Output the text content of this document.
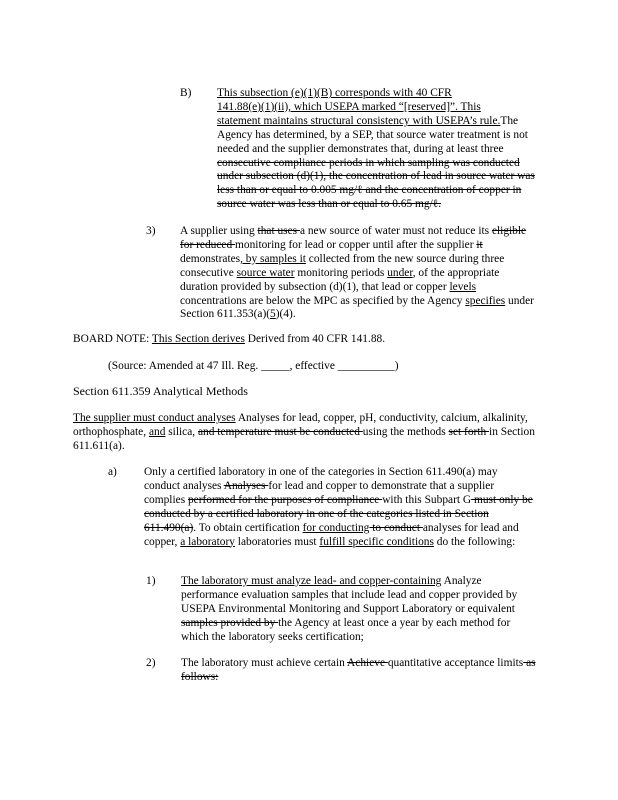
B) This subsection (e)(1)(B) corresponds with 40 CFR
141.88(e)(1)(ii), which USEPA marked “[reserved]”. This
statement maintains structural consistency with USEPA’s rule.The Agency has determined, by a SEP, that source water treatment is not needed and the supplier demonstrates that, during at least three consecutive compliance periods in which sampling was conducted under subsection (d)(1), the concentration of lead in source water was less than or equal to 0.005 mg/ℓ and the concentration of copper in source water was less than or equal to 0.65 mg/ℓ.
3) A supplier using that uses a new source of water must not reduce its eligible for reduced monitoring for lead or copper until after the supplier it demonstrates, by samples it collected from the new source during three consecutive source water monitoring periods under, of the appropriate duration provided by subsection (d)(1), that lead or copper levels concentrations are below the MPC as specified by the Agency specifies under Section 611.353(a)(5)(4).
BOARD NOTE: This Section derives Derived from 40 CFR 141.88.
(Source: Amended at 47 Ill. Reg. _____, effective __________)
Section 611.359 Analytical Methods
The supplier must conduct analyses Analyses for lead, copper, pH, conductivity, calcium, alkalinity, orthophosphate, and silica, and temperature must be conducted using the methods set forth in Section 611.611(a).
a) Only a certified laboratory in one of the categories in Section 611.490(a) may conduct analyses Analyses for lead and copper to demonstrate that a supplier complies performed for the purposes of compliance with this Subpart G must only be conducted by a certified laboratory in one of the categories listed in Section 611.490(a). To obtain certification for conducting to conduct analyses for lead and copper, a laboratory laboratories must fulfill specific conditions do the following:
1) The laboratory must analyze lead- and copper-containing Analyze performance evaluation samples that include lead and copper provided by USEPA Environmental Monitoring and Support Laboratory or equivalent samples provided by the Agency at least once a year by each method for which the laboratory seeks certification;
2) The laboratory must achieve certain Achieve quantitative acceptance limits as follows:
